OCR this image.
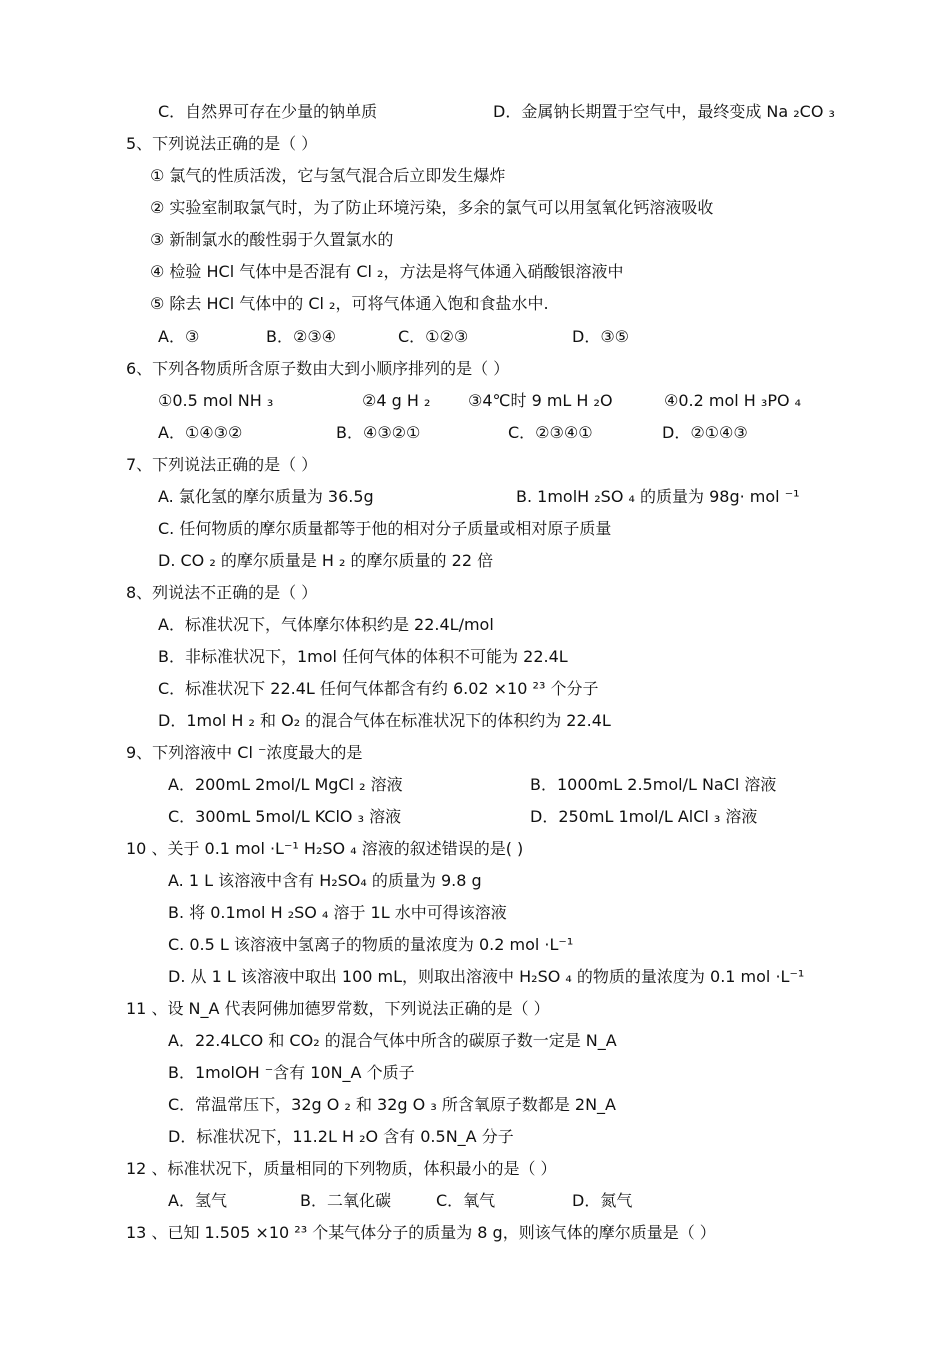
C．自然界可存在少量的钠单质	D．金属钠长期置于空气中，最终变成 Na ₂CO ₃
5、下列说法正确的是（ ）
① 氯气的性质活泼，它与氢气混合后立即发生爆炸
② 实验室制取氯气时，为了防止环境污染，多余的氯气可以用氢氧化钙溶液吸收
③ 新制氯水的酸性弱于久置氯水的
④ 检验 HCl 气体中是否混有 Cl ₂，方法是将气体通入硝酸银溶液中
⑤ 除去 HCl 气体中的 Cl ₂，可将气体通入饱和食盐水中.
A．③	B．②③④	C．①②③	D．③⑤
6、下列各物质所含原子数由大到小顺序排列的是（ ）
①0.5 mol NH ₃	②4 g H ₂ ③4℃时 9 mL H ₂O	④0.2 mol H ₃PO ₄
A．①④③②	B．④③②①	C．②③④①	D．②①④③
7、下列说法正确的是（ ）
A. 氯化氢的摩尔质量为 36.5g	B. 1molH ₂SO ₄ 的质量为 98g· mol ⁻¹
C. 任何物质的摩尔质量都等于他的相对分子质量或相对原子质量
D. CO ₂ 的摩尔质量是 H ₂ 的摩尔质量的 22 倍
8、列说法不正确的是（ ）
A．标准状况下，气体摩尔体积约是 22.4L/mol
B．非标准状况下，1mol 任何气体的体积不可能为 22.4L
C．标准状况下 22.4L 任何气体都含有约 6.02 ×10 ²³ 个分子
D．1mol H ₂ 和 O₂ 的混合气体在标准状况下的体积约为 22.4L
9、下列溶液中 Cl ⁻浓度最大的是
A．200mL 2mol/L MgCl ₂ 溶液	B．1000mL 2.5mol/L NaCl 溶液
C．300mL 5mol/L KClO ₃ 溶液	D．250mL 1mol/L AlCl ₃ 溶液
10 、关于 0.1 mol ·L⁻¹ H₂SO ₄ 溶液的叙述错误的是( )
A. 1 L 该溶液中含有 H₂SO₄ 的质量为 9.8 g
B. 将 0.1mol H ₂SO ₄ 溶于 1L 水中可得该溶液
C. 0.5 L 该溶液中氢离子的物质的量浓度为 0.2 mol ·L⁻¹
D. 从 1 L 该溶液中取出 100 mL，则取出溶液中 H₂SO ₄ 的物质的量浓度为 0.1 mol ·L⁻¹
11 、设 N_A 代表阿佛加德罗常数，下列说法正确的是（ ）
A．22.4LCO 和 CO₂ 的混合气体中所含的碳原子数一定是 N_A
B．1molOH ⁻含有 10N_A 个质子
C．常温常压下，32g O ₂ 和 32g O ₃ 所含氧原子数都是 2N_A
D．标准状况下，11.2L H ₂O 含有 0.5N_A 分子
12 、标准状况下，质量相同的下列物质，体积最小的是（ ）
A．氢气	B．二氧化碳	C．氧气	D．氮气
13 、已知 1.505 ×10 ²³ 个某气体分子的质量为 8 g，则该气体的摩尔质量是（ ）
